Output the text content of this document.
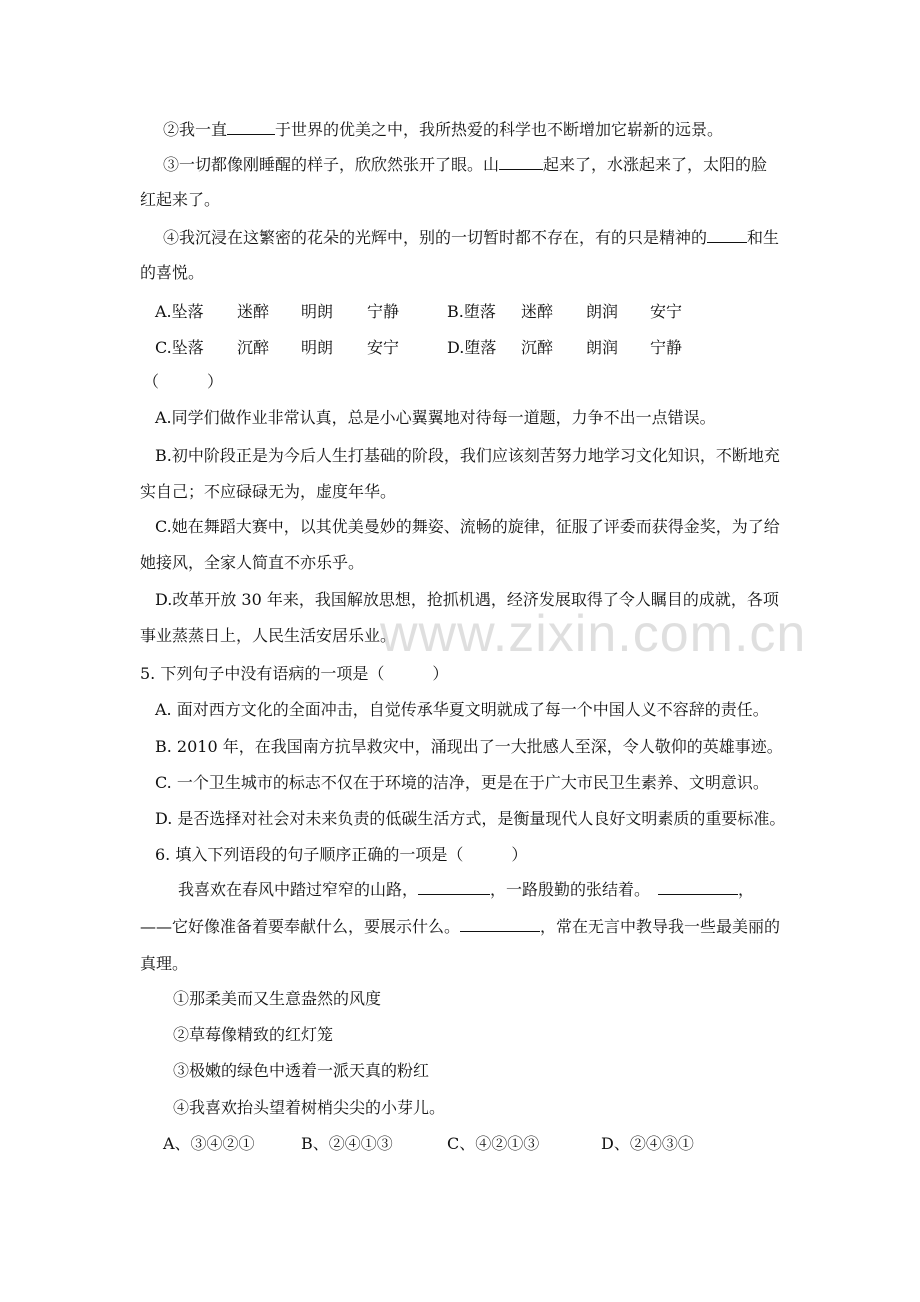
②我一直	于世界的优美之中，我所热爱的科学也不断增加它崭新的远景。
③一切都像刚睡醒的样子，欣欣然张开了眼。山	起来了，水涨起来了，太阳的脸
红起来了。
④我沉浸在这繁密的花朵的光辉中，别的一切暂时都不存在，有的只是精神的	和生
的喜悦。
A.坠落 迷醉 明朗 宁静	B.堕落 迷醉 朗润 安宁
C.坠落 沉醉 明朗 安宁	D.堕落 沉醉 朗润 宁静
（　　　）
A.同学们做作业非常认真，总是小心翼翼地对待每一道题，力争不出一点错误。
B.初中阶段正是为今后人生打基础的阶段，我们应该刻苦努力地学习文化知识，不断地充
实自己；不应碌碌无为，虚度年华。
C.她在舞蹈大赛中，以其优美曼妙的舞姿、流畅的旋律，征服了评委而获得金奖，为了给
她接风，全家人简直不亦乐乎。
D.改革开放 30 年来，我国解放思想，抢抓机遇，经济发展取得了令人瞩目的成就，各项
事业蒸蒸日上，人民生活安居乐业。
www.zixin.com.cn
5. 下列句子中没有语病的一项是（　　　）
A. 面对西方文化的全面冲击，自觉传承华夏文明就成了每一个中国人义不容辞的责任。
B. 2010 年，在我国南方抗旱救灾中，涌现出了一大批感人至深，令人敬仰的英雄事迹。
C. 一个卫生城市的标志不仅在于环境的洁净，更是在于广大市民卫生素养、文明意识。
D. 是否选择对社会对未来负责的低碳生活方式，是衡量现代人良好文明素质的重要标准。
6. 填入下列语段的句子顺序正确的一项是（　　　）
我喜欢在春风中踏过窄窄的山路，	，一路殷勤的张结着。	，
——它好像准备着要奉献什么，要展示什么。	，常在无言中教导我一些最美丽的
真理。
①那柔美而又生意盎然的风度
②草莓像精致的红灯笼
③极嫩的绿色中透着一派天真的粉红
④我喜欢抬头望着树梢尖尖的小芽儿。
A、③④②①	B、②④①③	C、④②①③	D、②④③①
